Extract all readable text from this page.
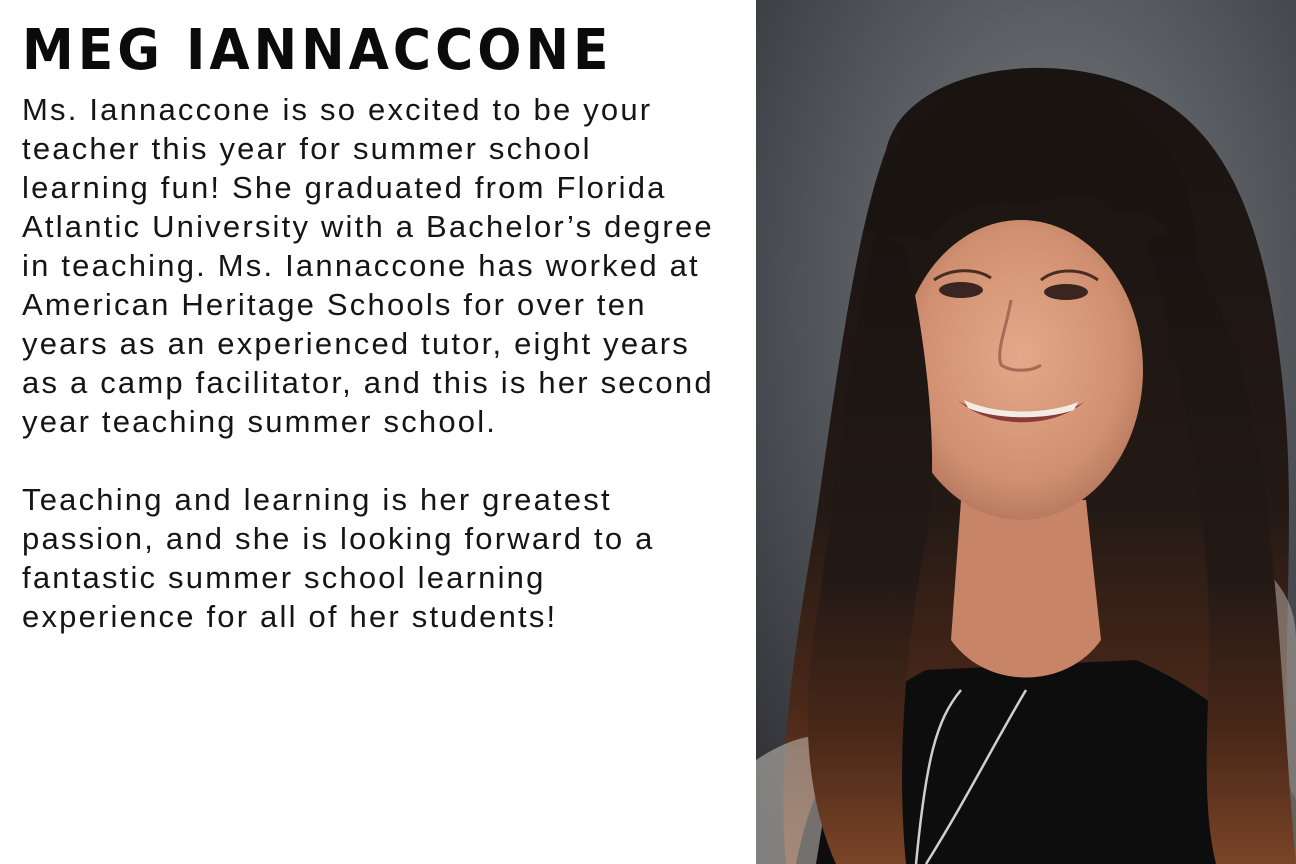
MEG IANNACCONE

Ms. Iannaccone is so excited to be your teacher this year for summer school learning fun! She graduated from Florida Atlantic University with a Bachelor’s degree in teaching. Ms. Iannaccone has worked at American Heritage Schools for over ten years as an experienced tutor, eight years as a camp facilitator, and this is her second year teaching summer school.

Teaching and learning is her greatest passion, and she is looking forward to a fantastic summer school learning experience for all of her students!
